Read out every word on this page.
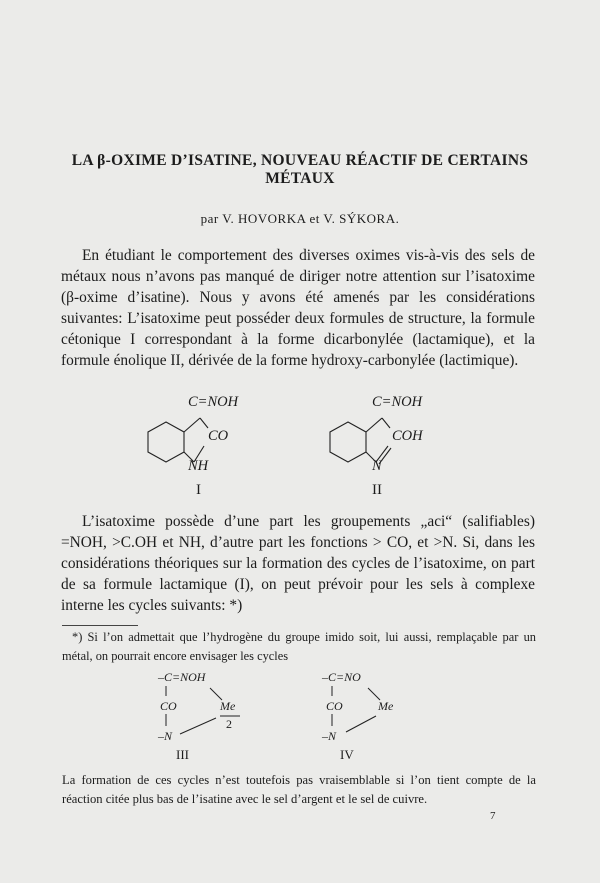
LA β-OXIME D’ISATINE, NOUVEAU RÉACTIF DE CERTAINS MÉTAUX
par V. HOVORKA et V. SÝKORA.

En étudiant le comportement des diverses oximes vis-à-vis des sels de métaux nous n’avons pas manqué de diriger notre attention sur l’isatoxime (β-oxime d’isatine). Nous y avons été amenés par les considérations suivantes: L’isatoxime peut posséder deux formules de structure, la formule cétonique I correspondant à la forme dicarbonylée (lactamique), et la formule énolique II, dérivée de la forme hydroxy-carbonylée (lactimique).

C=NOH
CO
NH
I
C=NOH
COH
N
II

L’isatoxime possède d’une part les groupements „aci“ (salifiables) =NOH, >C.OH et NH, d’autre part les fonctions > CO, et >N. Si, dans les considérations théoriques sur la formation des cycles de l’isatoxime, on part de sa formule lactamique (I), on peut prévoir pour les sels à complexe interne les cycles suivants: *)

*) Si l’on admettait que l’hydrogène du groupe imido soit, lui aussi, remplaçable par un métal, on pourrait encore envisager les cycles

–C=NOH
CO	Me
2
–N
III
–C=NO
CO	Me
–N
IV

La formation de ces cycles n’est toutefois pas vraisemblable si l’on tient compte de la réaction citée plus bas de l’isatine avec le sel d’argent et le sel de cuivre.

7
